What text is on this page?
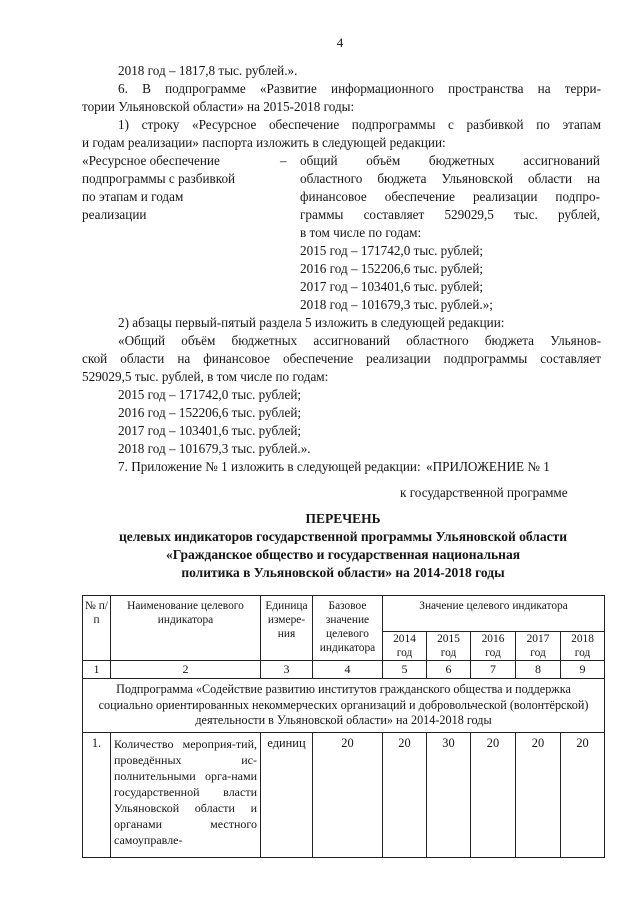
4
2018 год – 1817,8 тыс. рублей.».
6. В подпрограмме «Развитие информационного пространства на терри-
тории Ульяновской области» на 2015-2018 годы:
1) строку «Ресурсное обеспечение подпрограммы с разбивкой по этапам
и годам реализации» паспорта изложить в следующей редакции:
«Ресурсное обеспечение
подпрограммы с разбивкой
по этапам и годам
реализации
– общий объём бюджетных ассигнований
областного бюджета Ульяновской области на
финансовое обеспечение реализации подпро-
граммы составляет 529029,5 тыс. рублей,
в том числе по годам:
2015 год – 171742,0 тыс. рублей;
2016 год – 152206,6 тыс. рублей;
2017 год – 103401,6 тыс. рублей;
2018 год – 101679,3 тыс. рублей.»;
2) абзацы первый-пятый раздела 5 изложить в следующей редакции:
«Общий объём бюджетных ассигнований областного бюджета Ульянов-
ской области на финансовое обеспечение реализации подпрограммы составляет
529029,5 тыс. рублей, в том числе по годам:
2015 год – 171742,0 тыс. рублей;
2016 год – 152206,6 тыс. рублей;
2017 год – 103401,6 тыс. рублей;
2018 год – 101679,3 тыс. рублей.».
7. Приложение № 1 изложить в следующей редакции: «ПРИЛОЖЕНИЕ № 1
к государственной программе
ПЕРЕЧЕНЬ
целевых индикаторов государственной программы Ульяновской области
«Гражданское общество и государственная национальная
политика в Ульяновской области» на 2014-2018 годы
№ п/п	Наименование целевого индикатора	Единица измере-ния	Базовое значение целевого индикатора	Значение целевого индикатора				
				2014 год	2015 год	2016 год	2017 год	2018 год
1	2	3	4	5	6	7	8	9
Подпрограмма «Содействие развитию институтов гражданского общества и поддержка социально ориентированных некоммерческих организаций и добровольческой (волонтёрской) деятельности в Ульяновской области» на 2014-2018 годы								
1.	Количество мероприя-тий, проведённых ис-полнительными орга-нами государственной власти Ульяновской области и органами местного самоуправле-	единиц	20	20	30	20	20	20
